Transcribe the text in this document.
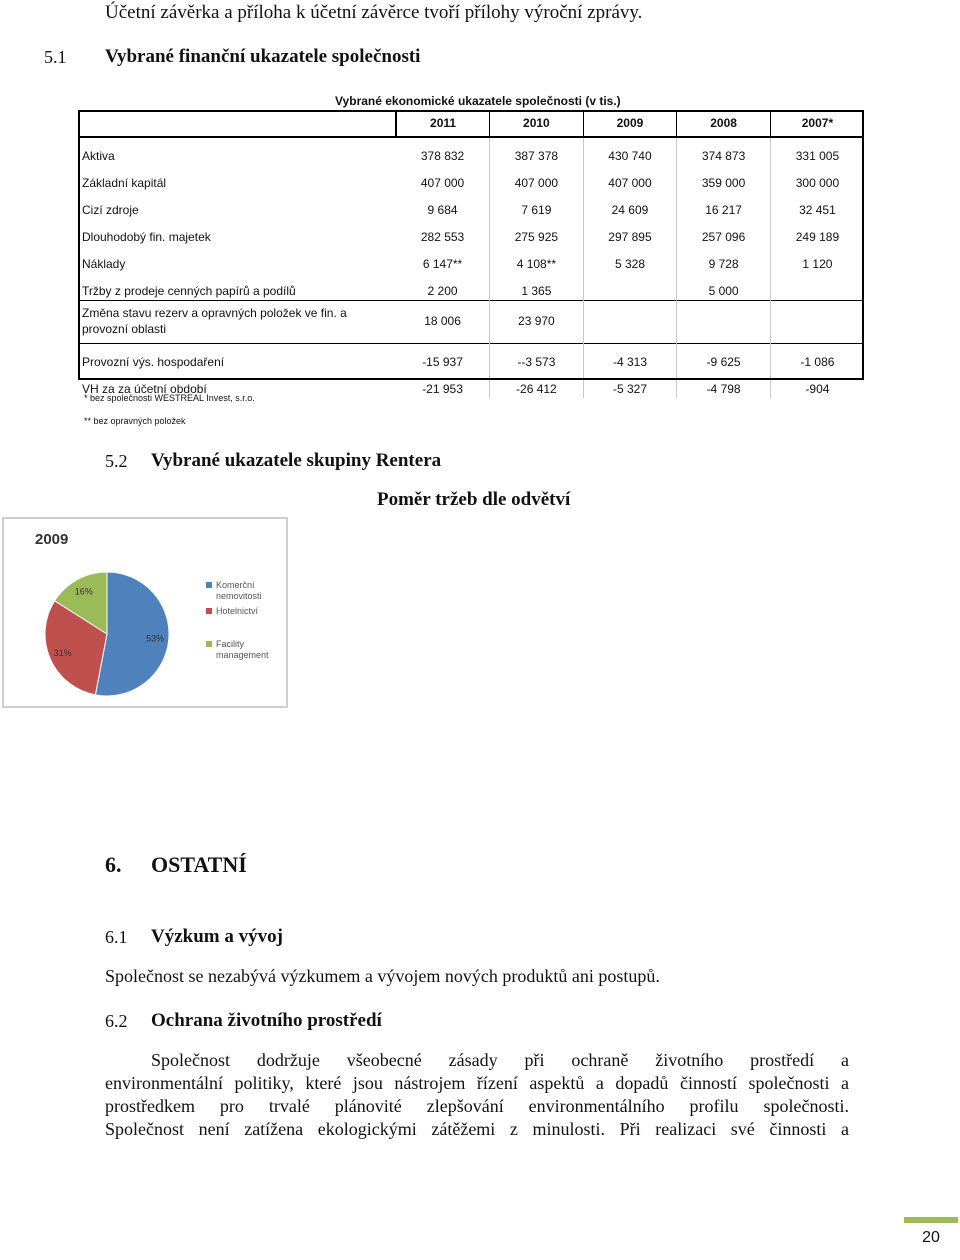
Účetní závěrka a příloha k účetní závěrce tvoří přílohy výroční zprávy.
5.1 Vybrané finanční ukazatele společnosti
Vybrané ekonomické ukazatele společnosti (v tis.)
	2011	2010	2009	2008	2007*
Aktiva	378 832	387 378	430 740	374 873	331 005
Základní kapitál	407 000	407 000	407 000	359 000	300 000
Cizí zdroje	9 684	7 619	24 609	16 217	32 451
Dlouhodobý fin. majetek	282 553	275 925	297 895	257 096	249 189
Náklady	6 147**	4 108**	5 328	9 728	1 120
Tržby z prodeje cenných papírů a podílů	2 200	1 365		5 000	
Změna stavu rezerv a opravných položek ve fin. a provozní oblasti	18 006	23 970			
Provozní výs. hospodaření	-15 937	--3 573	-4 313	-9 625	-1 086
VH za za účetní období	-21 953	-26 412	-5 327	-4 798	-904
* bez společnosti WESTREAL Invest, s.r.o.
** bez opravných položek
5.2 Vybrané ukazatele skupiny Rentera
Poměr tržeb dle odvětví
2009
53%
31%
16%
Komerční
nemovitosti
Hotelnictví
Facility
management
6. OSTATNÍ
6.1 Výzkum a vývoj
Společnost se nezabývá výzkumem a vývojem nových produktů ani postupů.
6.2 Ochrana životního prostředí
Společnost dodržuje všeobecné zásady při ochraně životního prostředí a
environmentální politiky, které jsou nástrojem řízení aspektů a dopadů činností společnosti a
prostředkem pro trvalé plánovité zlepšování environmentálního profilu společnosti.
Společnost není zatížena ekologickými zátěžemi z minulosti. Při realizaci své činnosti a
20
